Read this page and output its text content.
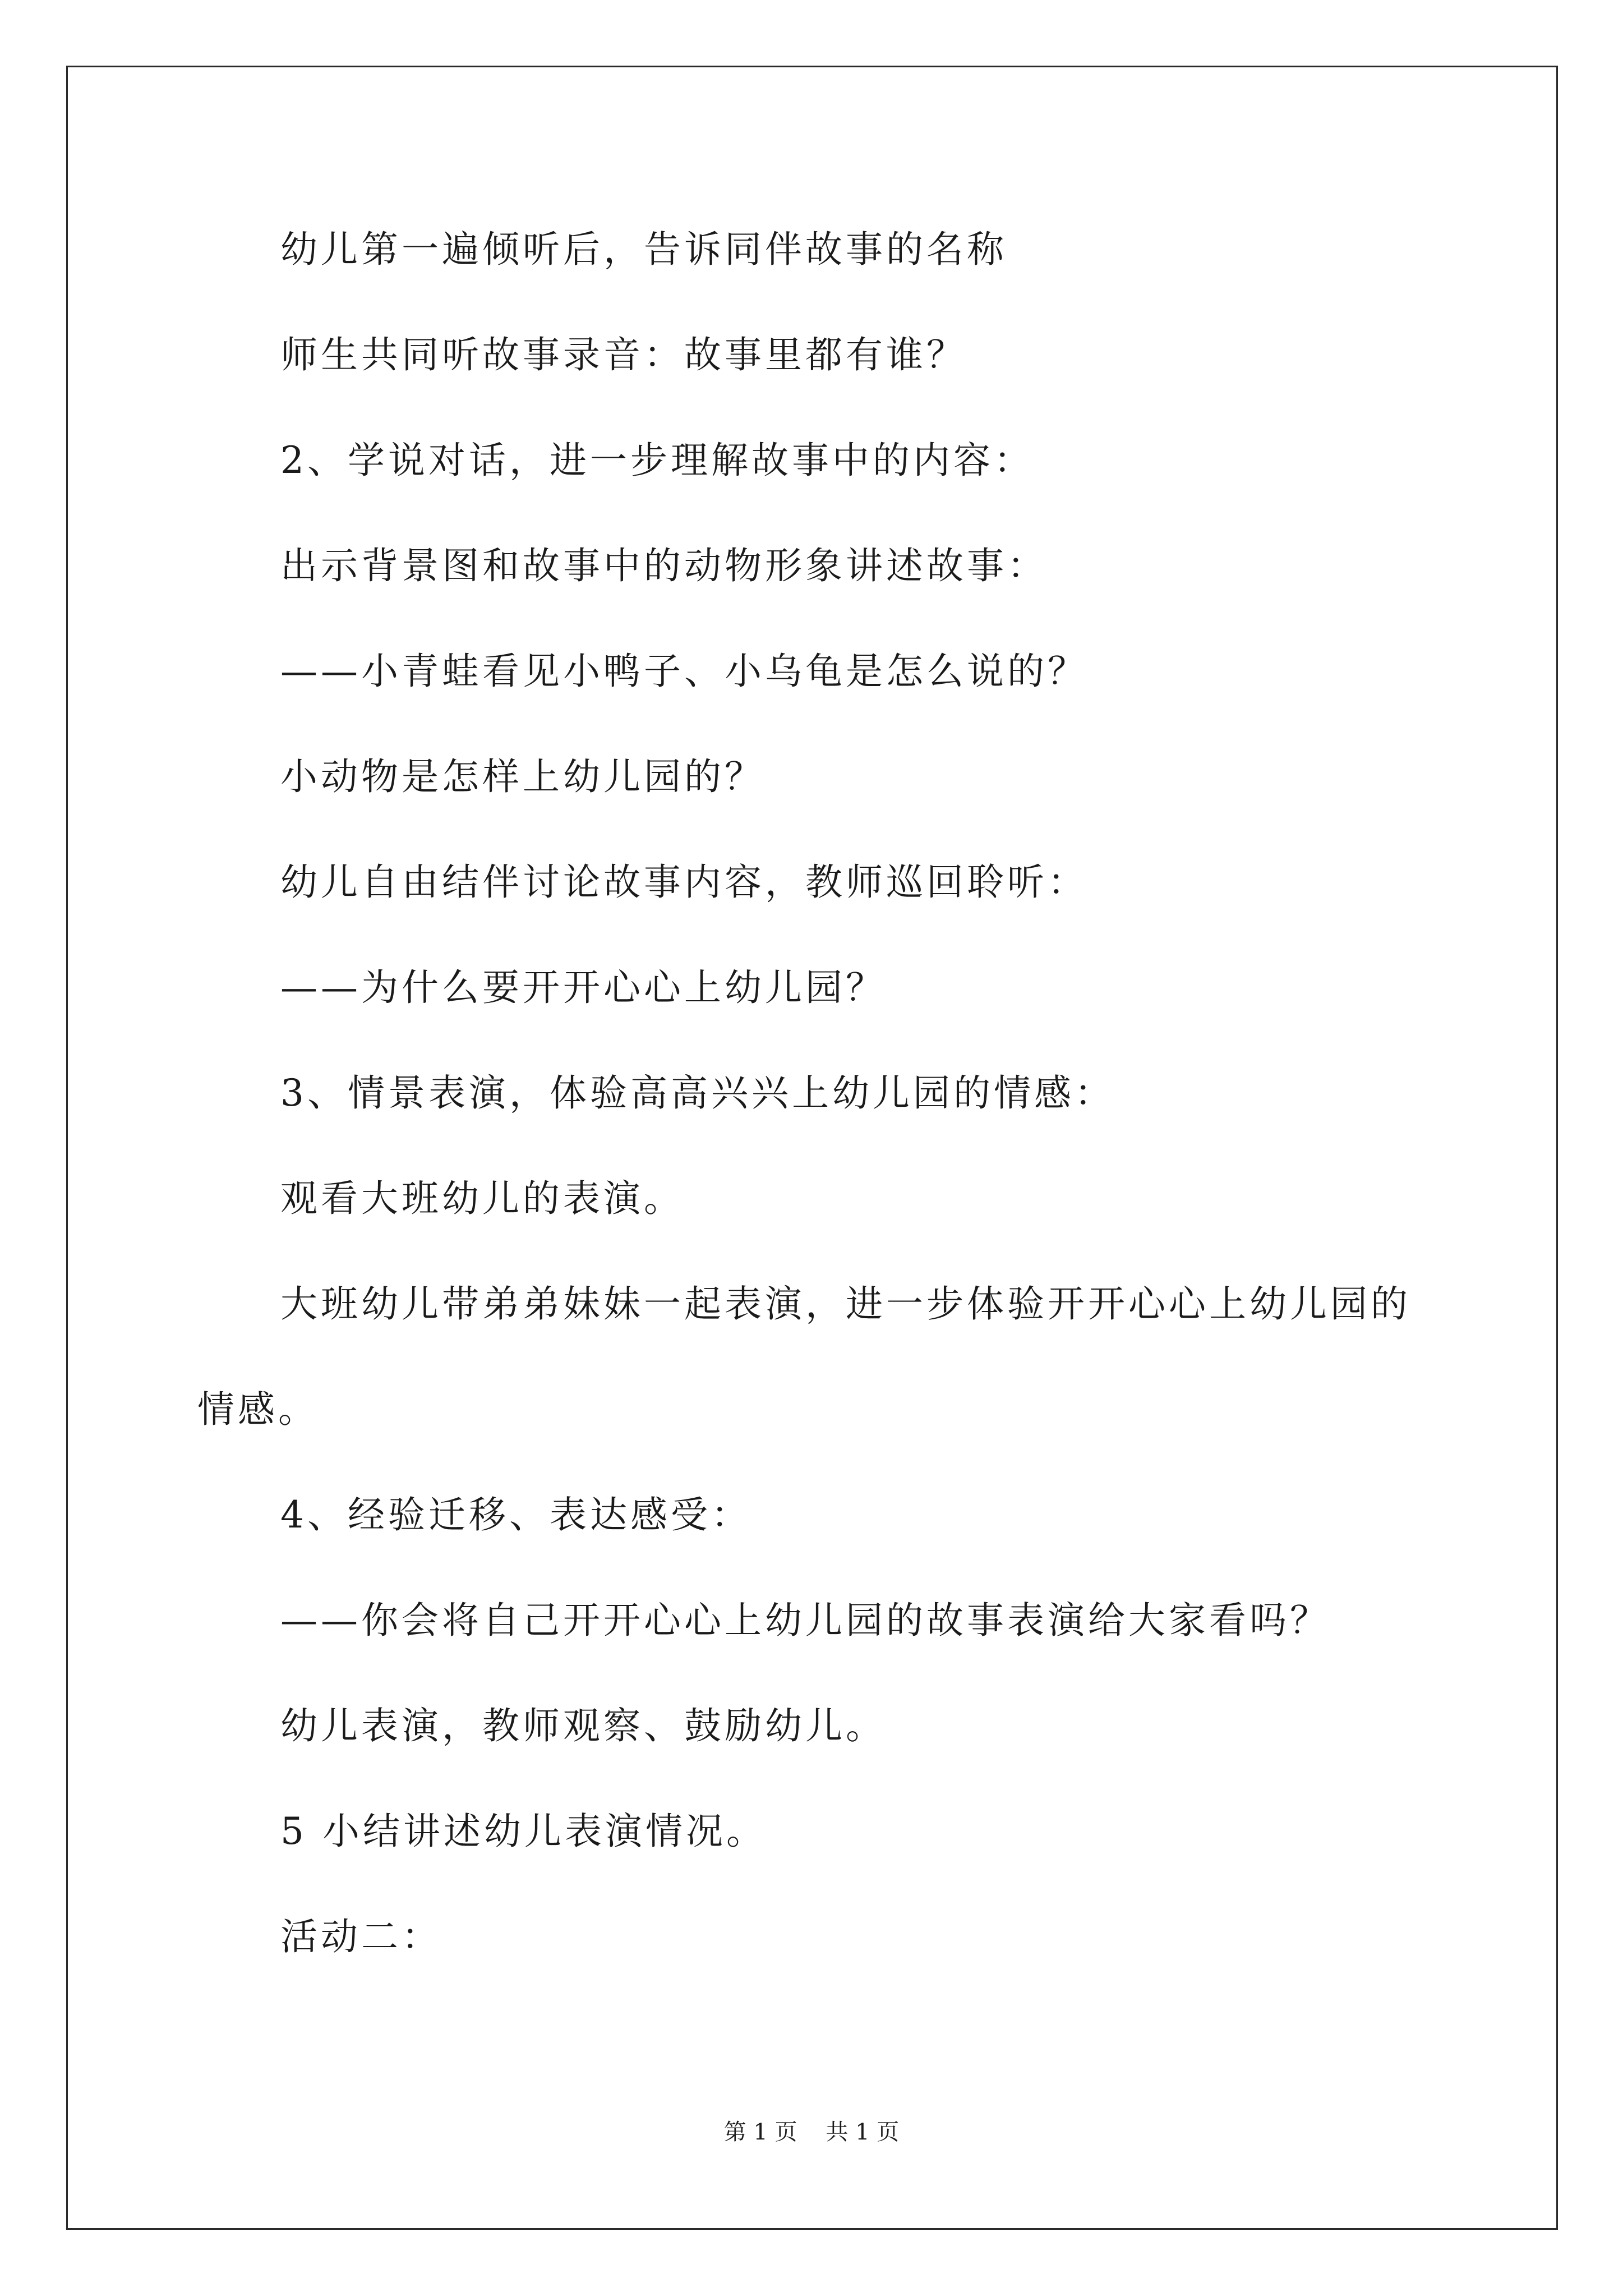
幼儿第一遍倾听后，告诉同伴故事的名称
师生共同听故事录音：故事里都有谁？
2、学说对话，进一步理解故事中的内容：
出示背景图和故事中的动物形象讲述故事：
——小青蛙看见小鸭子、小乌龟是怎么说的？
小动物是怎样上幼儿园的？
幼儿自由结伴讨论故事内容，教师巡回聆听：
——为什么要开开心心上幼儿园？
3、情景表演，体验高高兴兴上幼儿园的情感：
观看大班幼儿的表演。
大班幼儿带弟弟妹妹一起表演，进一步体验开开心心上幼儿园的
情感。
4、经验迁移、表达感受：
——你会将自己开开心心上幼儿园的故事表演给大家看吗？
幼儿表演，教师观察、鼓励幼儿。
5 小结讲述幼儿表演情况。
活动二：
第 1 页    共 1 页
